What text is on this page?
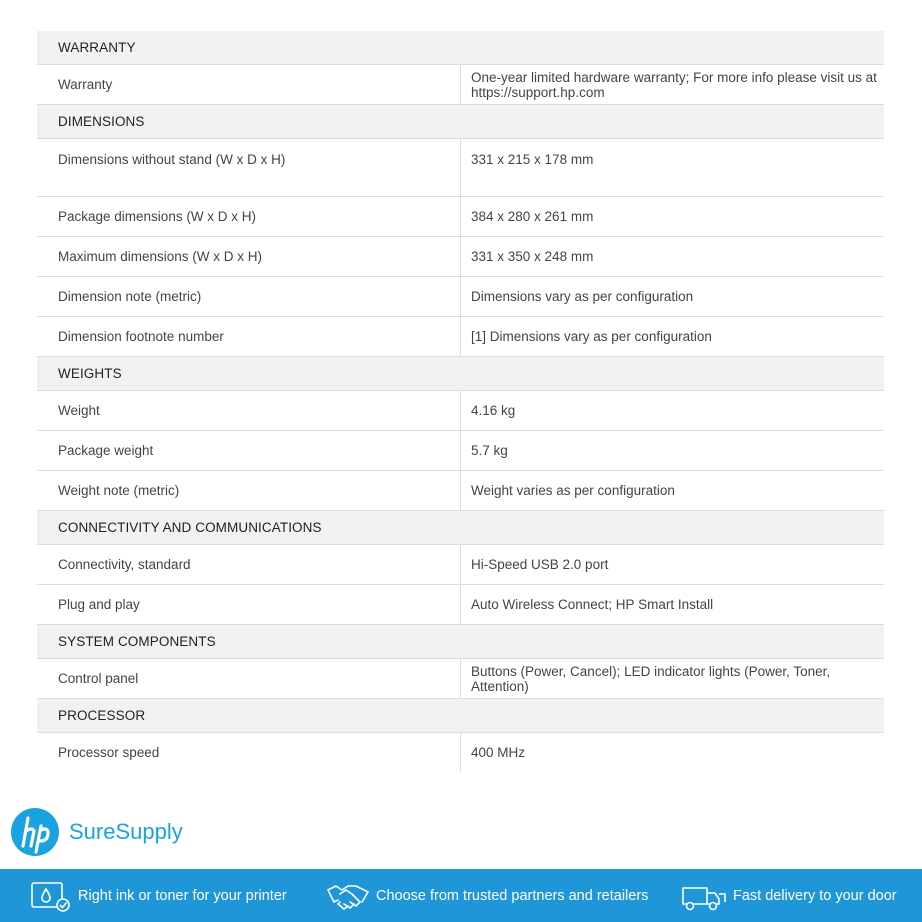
WARRANTY	
Warranty	One-year limited hardware warranty; For more info please visit us at https://support.hp.com
DIMENSIONS	
Dimensions without stand (W x D x H)	331 x 215 x 178 mm
Package dimensions (W x D x H)	384 x 280 x 261 mm
Maximum dimensions (W x D x H)	331 x 350 x 248 mm
Dimension note (metric)	Dimensions vary as per configuration
Dimension footnote number	[1] Dimensions vary as per configuration
WEIGHTS	
Weight	4.16 kg
Package weight	5.7 kg
Weight note (metric)	Weight varies as per configuration
CONNECTIVITY AND COMMUNICATIONS	
Connectivity, standard	Hi-Speed USB 2.0 port
Plug and play	Auto Wireless Connect; HP Smart Install
SYSTEM COMPONENTS	
Control panel	Buttons (Power, Cancel); LED indicator lights (Power, Toner, Attention)
PROCESSOR	
Processor speed	400 MHz
SureSupply
Right ink or toner for your printer	Choose from trusted partners and retailers	Fast delivery to your door
